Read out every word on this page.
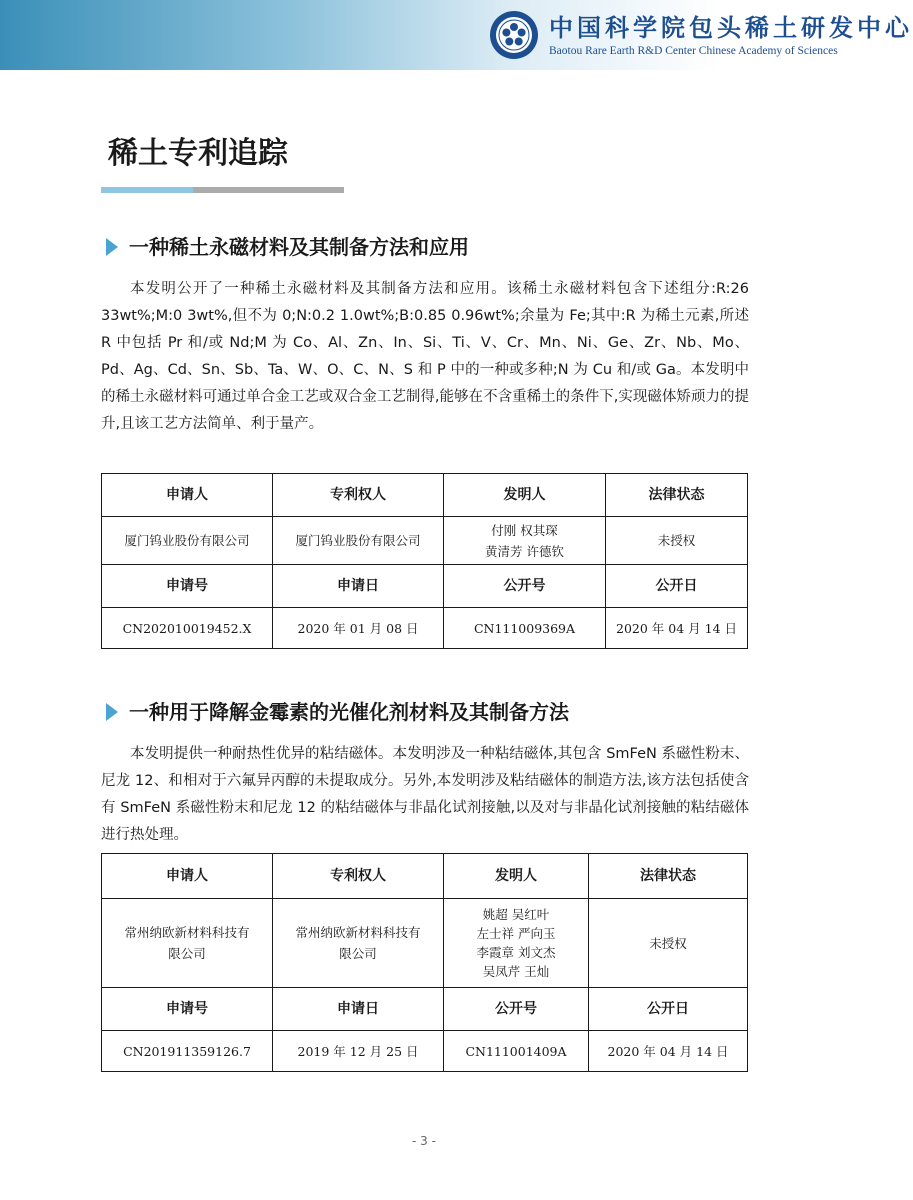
中国科学院包头稀土研发中心
Baotou Rare Earth R&D Center Chinese Academy of Sciences
稀土专利追踪
一种稀土永磁材料及其制备方法和应用

本发明公开了一种稀土永磁材料及其制备方法和应用。该稀土永磁材料包含下述组分:R:26 33wt%;M:0 3wt%,但不为 0;N:0.2 1.0wt%;B:0.85 0.96wt%;余量为 Fe;其中:R 为稀土元素,所述 R 中包括 Pr 和/或 Nd;M 为 Co、Al、Zn、In、Si、Ti、V、Cr、Mn、Ni、Ge、Zr、Nb、Mo、Pd、Ag、Cd、Sn、Sb、Ta、W、O、C、N、S 和 P 中的一种或多种;N 为 Cu 和/或 Ga。本发明中的稀土永磁材料可通过单合金工艺或双合金工艺制得,能够在不含重稀土的条件下,实现磁体矫顽力的提升,且该工艺方法简单、利于量产。

申请人	专利权人	发明人	法律状态

厦门钨业股份有限公司	厦门钨业股份有限公司	付刚 权其琛
黄清芳 许德钦	未授权
申请号	申请日	公开号	公开日
CN202010019452.X	2020 年 01 月 08 日	CN111009369A	2020 年 04 月 14 日
一种用于降解金霉素的光催化剂材料及其制备方法

本发明提供一种耐热性优异的粘结磁体。本发明涉及一种粘结磁体,其包含 SmFeN 系磁性粉末、尼龙 12、和相对于六氟异丙醇的未提取成分。另外,本发明涉及粘结磁体的制造方法,该方法包括使含有 SmFeN 系磁性粉末和尼龙 12 的粘结磁体与非晶化试剂接触,以及对与非晶化试剂接触的粘结磁体进行热处理。

申请人	专利权人	发明人	法律状态

常州纳欧新材料科技有
限公司	常州纳欧新材料科技有
限公司	姚超 吴红叶
左士祥 严向玉
李霞章 刘文杰
吴凤芹 王灿	未授权
申请号	申请日	公开号	公开日
CN201911359126.7	2019 年 12 月 25 日	CN111001409A	2020 年 04 月 14 日
- 3 -
